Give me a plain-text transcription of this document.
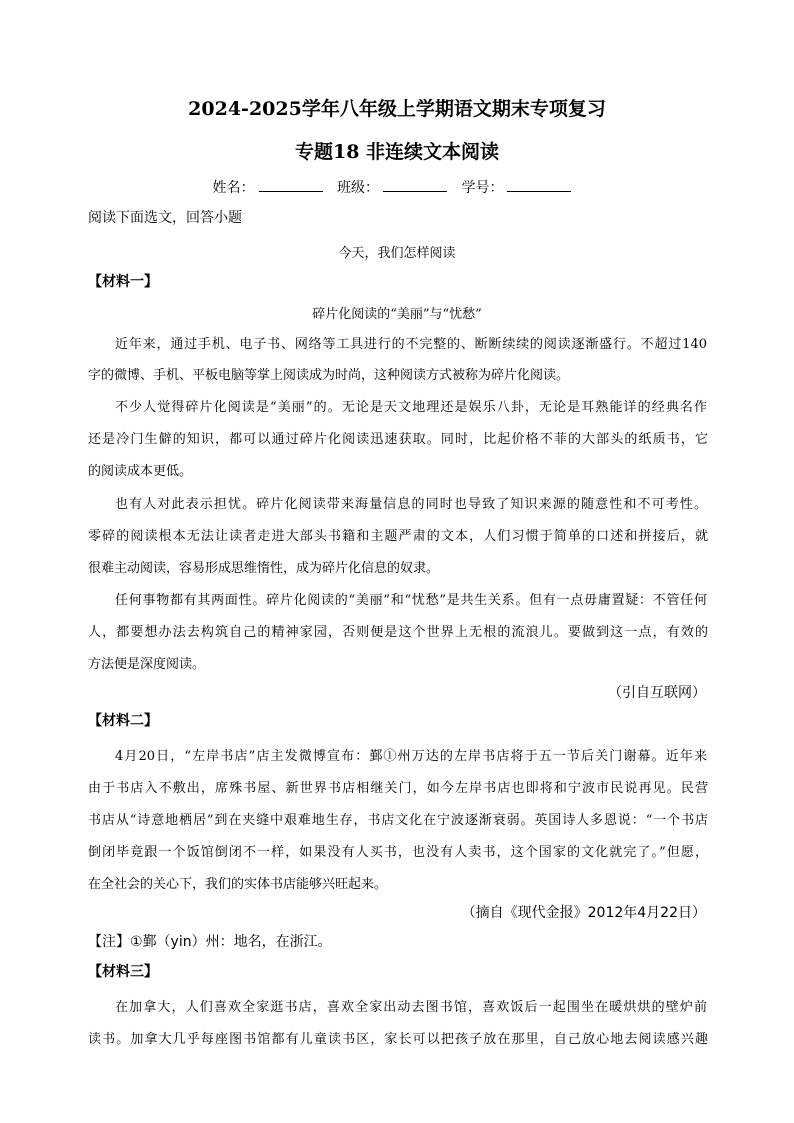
2024-2025学年八年级上学期语文期末专项复习
专题18 非连续文本阅读
姓名：	班级：	学号：
阅读下面选文，回答小题
今天，我们怎样阅读
【材料一】
碎片化阅读的“美丽”与“忧愁”
近年来，通过手机、电子书、网络等工具进行的不完整的、断断续续的阅读逐渐盛行。不超过140
字的微博、手机、平板电脑等掌上阅读成为时尚，这种阅读方式被称为碎片化阅读。
不少人觉得碎片化阅读是“美丽”的。无论是天文地理还是娱乐八卦，无论是耳熟能详的经典名作
还是冷门生僻的知识，都可以通过碎片化阅读迅速获取。同时，比起价格不菲的大部头的纸质书，它
的阅读成本更低。
也有人对此表示担忧。碎片化阅读带来海量信息的同时也导致了知识来源的随意性和不可考性。
零碎的阅读根本无法让读者走进大部头书籍和主题严肃的文本，人们习惯于简单的口述和拼接后，就
很难主动阅读，容易形成思维惰性，成为碎片化信息的奴隶。
任何事物都有其两面性。碎片化阅读的“美丽”和“忧愁”是共生关系。但有一点毋庸置疑：不管任何
人，都要想办法去构筑自己的精神家园，否则便是这个世界上无根的流浪儿。要做到这一点，有效的
方法便是深度阅读。
（引自互联网）
【材料二】
4月20日，“左岸书店”店主发微博宣布：鄞①州万达的左岸书店将于五一节后关门谢幕。近年来
由于书店入不敷出，席殊书屋、新世界书店相继关门，如今左岸书店也即将和宁波市民说再见。民营
书店从“诗意地栖居”到在夹缝中艰难地生存，书店文化在宁波逐渐衰弱。英国诗人多恩说：“一个书店
倒闭毕竟跟一个饭馆倒闭不一样，如果没有人买书，也没有人卖书，这个国家的文化就完了。”但愿，
在全社会的关心下，我们的实体书店能够兴旺起来。
（摘自《现代金报》2012年4月22日）
【注】①鄞（yin）州：地名，在浙江。
【材料三】
在加拿大，人们喜欢全家逛书店，喜欢全家出动去图书馆，喜欢饭后一起围坐在暖烘烘的壁炉前
读书。加拿大几乎每座图书馆都有儿童读书区，家长可以把孩子放在那里，自己放心地去阅读感兴趣
